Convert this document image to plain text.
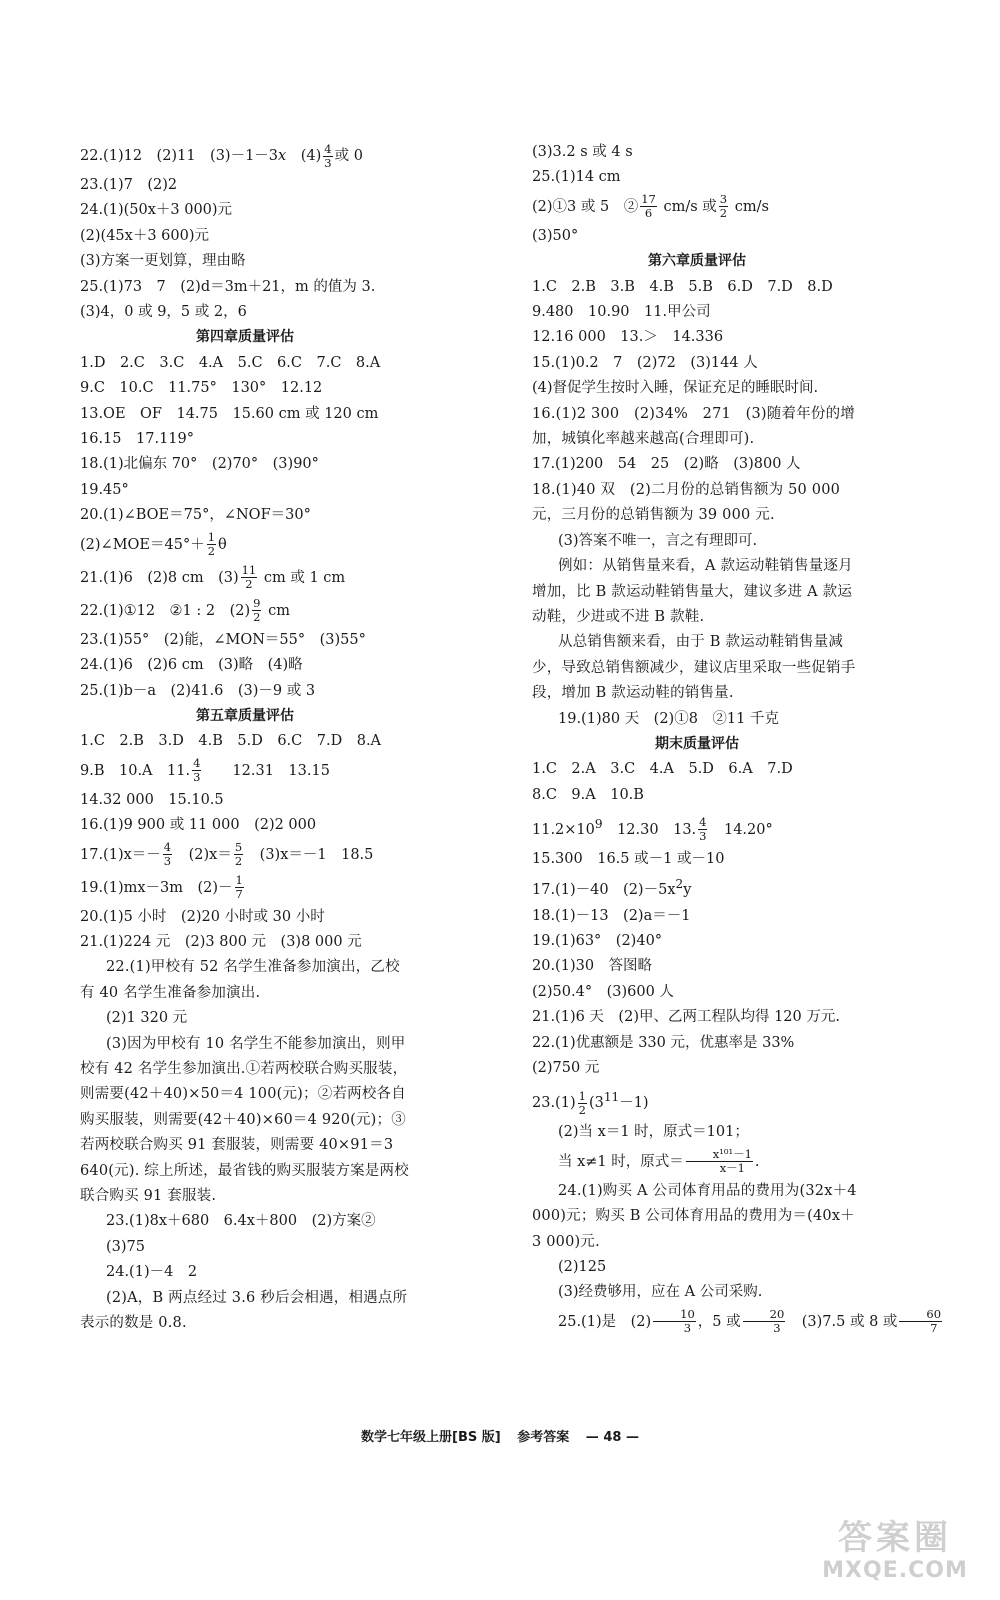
22.(1)12　(2)11　(3)－1－3x　$(4) \frac{4}{3}$ 或 0
23.(1)7　(2)2
24.(1)(50x＋3 000)元
(2)(45x＋3 600)元
(3)方案一更划算，理由略
25.(1)73　7　(2)d＝3m＋21，m 的值为 3.
(3)4，0 或 9，5 或 2，6
第四章质量评估
1.D　2.C　3.C　4.A　5.C　6.C　7.C　8.A
9.C　10.C　11.75°　130°　12.12
13.OE　OF　14.75　15.60 cm 或 120 cm
16.15　17.119°
18.(1)北偏东 70°　(2)70°　(3)90°
19.45°
20.(1)∠BOE＝75°，∠NOF＝30°
(2)∠MOE＝45°＋ $\frac{1}{2}$ θ
21.(1)6　(2)8 cm　$(3) \frac{11}{2}$ cm 或 1 cm
22.(1)①12　②1 : 2　$(2) \frac{9}{2}$ cm
23.(1)55°　(2)能，∠MON＝55°　(3)55°
24.(1)6　(2)6 cm　(3)略　(4)略
25.(1)b－a　(2)41.6　(3)－9 或 3
第五章质量评估
1.C　2.B　3.D　4.B　5.D　6.C　7.D　8.A
9.B　10.A　11. $\frac{4}{3}$ 　　12.31　13.15
14.32 000　15.10.5
16.(1)9 900 或 11 000　(2)2 000
$17.(1)x=- \frac{4}{3}$ 　$(2)x= \frac{5}{2}$ 　(3)x＝－1　18.5
19.(1)mx－3m　$(2)- \frac{1}{7}$
20.(1)5 小时　(2)20 小时或 30 小时
21.(1)224 元　(2)3 800 元　(3)8 000 元
22.(1)甲校有 52 名学生准备参加演出，乙校有 40 名学生准备参加演出.
(2)1 320 元
(3)因为甲校有 10 名学生不能参加演出，则甲校有 42 名学生参加演出.①若两校联合购买服装，则需要(42＋40)×50＝4 100(元)；②若两校各自购买服装，则需要(42＋40)×60＝4 920(元)；③若两校联合购买 91 套服装，则需要 40×91＝3 640(元). 综上所述，最省钱的购买服装方案是两校联合购买 91 套服装.
23.(1)8x＋680　6.4x＋800　(2)方案②
(3)75
24.(1)－4　2
(2)A，B 两点经过 3.6 秒后会相遇，相遇点所表示的数是 0.8.
(3)3.2 s 或 4 s
25.(1)14 cm
(2)①3 或 5　② $\frac{17}{6} cm/s$ 或 $\frac{3}{2} cm/s$
(3)50°
第六章质量评估
1.C　2.B　3.B　4.B　5.B　6.D　7.D　8.D
9.480　10.90　11.甲公司
12.16 000　13.＞　14.336
15.(1)0.2　7　(2)72　(3)144 人
(4)督促学生按时入睡，保证充足的睡眠时间.
16.(1)2 300　(2)34%　271　(3)随着年份的增加，城镇化率越来越高(合理即可).
17.(1)200　54　25　(2)略　(3)800 人
18.(1)40 双　(2)二月份的总销售额为 50 000 元，三月份的总销售额为 39 000 元.
(3)答案不唯一，言之有理即可.
例如：从销售量来看，A 款运动鞋销售量逐月增加，比 B 款运动鞋销售量大，建议多进 A 款运动鞋，少进或不进 B 款鞋.
从总销售额来看，由于 B 款运动鞋销售量减少，导致总销售额减少，建议店里采取一些促销手段，增加 B 款运动鞋的销售量.
19.(1)80 天　(2)①8　②11 千克
期末质量评估
1.C　2.A　3.C　4.A　5.D　6.A　7.D
8.C　9.A　10.B
$11.2\times 10^9$　12.30　13. $\frac{4}{3}$ 　14.20°
15.300　16.5 或－1 或－10
17.(1)－40　$(2)-5x^2y$
18.(1)－13　(2)a＝－1
19.(1)63°　(2)40°
20.(1)30　答图略
(2)50.4°　(3)600 人
21.(1)6 天　(2)甲、乙两工程队均得 120 万元.
22.(1)优惠额是 330 元，优惠率是 33%
(2)750 元
$23.(1) \frac{1}{2} (3^{11}-1)$
(2)当 x＝1 时，原式＝101；
当 x≠1 时，原式＝ $\frac{\text{x¹⁰¹－1}}{x-1}$ .
24.(1)购买 A 公司体育用品的费用为(32x＋4 000)元；购买 B 公司体育用品的费用为＝(40x＋3 000)元.
(2)125
(3)经费够用，应在 A 公司采购.
25.(1)是　$(2) \frac{10}{3}$ ，5 或 $\frac{20}{3}$ 　(3)7.5 或 8 或 $\frac{60}{7}$
数学七年级上册[BS 版] 参考答案 — 48 —
答案圈
MXQE.COM
